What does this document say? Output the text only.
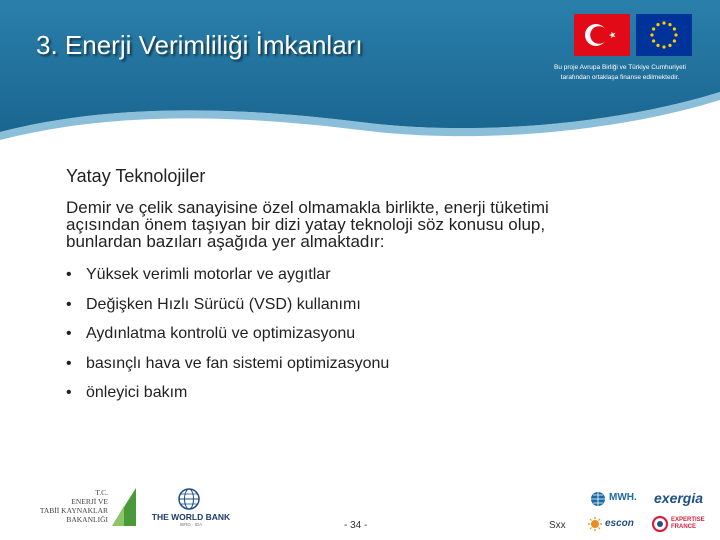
3. Enerji Verimliliği İmkanları
Bu proje Avrupa Birliği ve Türkiye Cumhuriyeti
tarafından ortaklaşa finanse edilmektedir.
Yatay Teknolojiler

Demir ve çelik sanayisine özel olmamakla birlikte, enerji tüketimi
açısından önem taşıyan bir dizi yatay teknoloji söz konusu olup,
bunlardan bazıları aşağıda yer almaktadır:

• Yüksek verimli motorlar ve aygıtlar
• Değişken Hızlı Sürücü (VSD) kullanımı
• Aydınlatma kontrolü ve optimizasyonu
• basınçlı hava ve fan sistemi optimizasyonu
• önleyici bakım
T.C.
ENERJİ VE
TABİİ KAYNAKLAR
BAKANLIĞI	THE WORLD BANK
IBRD · IDA	- 34 -	Sxx
MWH. exergia
escon	EXPERTISE
FRANCE
